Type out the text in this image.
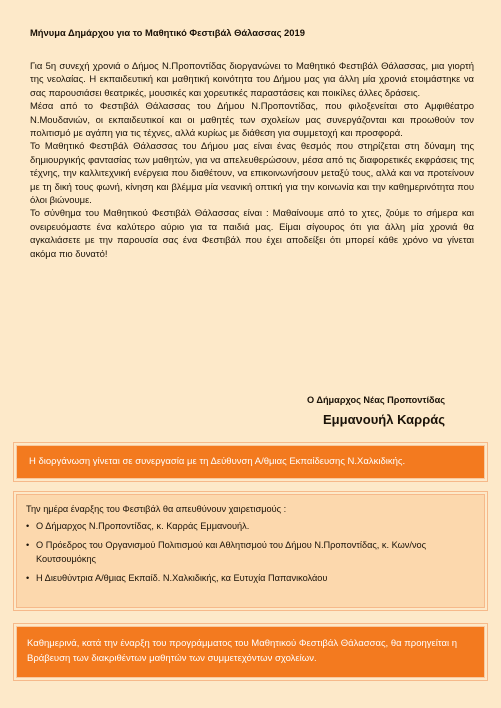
Μήνυμα Δημάρχου για το Μαθητικό Φεστιβάλ Θάλασσας 2019

Για 5η συνεχή χρονιά ο Δήμος Ν.Προποντίδας διοργανώνει το Μαθητικό Φεστιβάλ Θάλασσας, μια γιορτή της νεολαίας. Η εκπαιδευτική και μαθητική κοινότητα του Δήμου μας για άλλη μία χρονιά ετοιμάστηκε να σας παρουσιάσει θεατρικές, μουσικές και χορευτικές παραστάσεις και ποικίλες άλλες δράσεις.

Μέσα από το Φεστιβάλ Θάλασσας του Δήμου Ν.Προποντίδας, που φιλοξενείται στο Αμφιθέατρο Ν.Μουδανιών, οι εκπαιδευτικοί και οι μαθητές των σχολείων μας συνεργάζονται και προωθούν τον πολιτισμό με αγάπη για τις τέχνες, αλλά κυρίως με διάθεση για συμμετοχή και προσφορά.

Το Μαθητικό Φεστιβάλ Θάλασσας του Δήμου μας είναι ένας θεσμός που στηρίζεται στη δύναμη της δημιουργικής φαντασίας των μαθητών, για να απελευθερώσουν, μέσα από τις διαφορετικές εκφράσεις της τέχνης, την καλλιτεχνική ενέργεια που διαθέτουν, να επικοινωνήσουν μεταξύ τους, αλλά και να προτείνουν με τη δική τους φωνή, κίνηση και βλέμμα μία νεανική οπτική για την κοινωνία και την καθημερινότητα που όλοι βιώνουμε.

Το σύνθημα του Μαθητικού Φεστιβάλ Θάλασσας είναι : Μαθαίνουμε από το χτες, ζούμε το σήμερα και ονειρευόμαστε ένα καλύτερο αύριο για τα παιδιά μας. Είμαι σίγουρος ότι για άλλη μία χρονιά θα αγκαλιάσετε με την παρουσία σας ένα Φεστιβάλ που έχει αποδείξει ότι μπορεί κάθε χρόνο να γίνεται ακόμα πιο δυνατό!

Ο Δήμαρχος Νέας Προποντίδας
Εμμανουήλ Καρράς
Η διοργάνωση γίνεται σε συνεργασία με τη Δεύθυνση Α/θμιας Εκπαίδευσης Ν.Χαλκιδικής.
Την ημέρα έναρξης του Φεστιβάλ θα απευθύνουν χαιρετισμούς :
• Ο Δήμαρχος Ν.Προποντίδας, κ. Καρράς Εμμανουήλ.
• Ο Πρόεδρος του Οργανισμού Πολιτισμού και Αθλητισμού του Δήμου Ν.Προποντίδας, κ. Κων/νος Κουτσουμόκης
• Η Διευθύντρια Α/θμιας Εκπαίδ. Ν.Χαλκιδικής, κα Ευτυχία Παπανικολάου
Καθημερινά, κατά την έναρξη του προγράμματος του Μαθητικού Φεστιβάλ Θάλασσας, θα προηγείται η Βράβευση των διακριθέντων μαθητών των συμμετεχόντων σχολείων.
